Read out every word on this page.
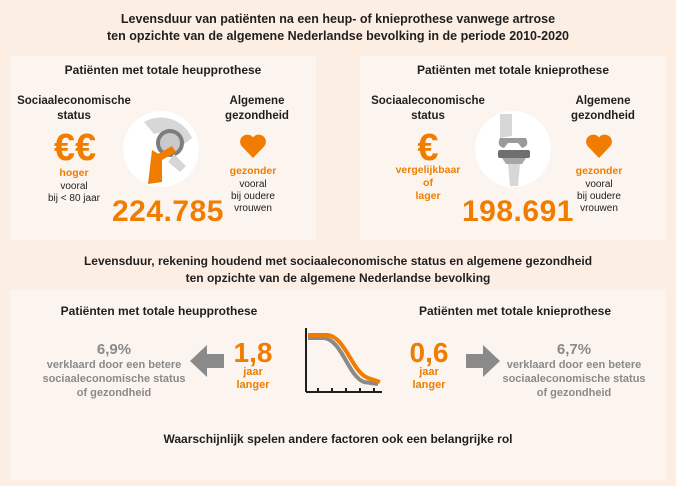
Levensduur van patiënten na een heup- of knieprothese vanwege artrose
ten opzichte van de algemene Nederlandse bevolking in de periode 2010-2020
Patiënten met totale heupprothese
Sociaaleconomische
status
Algemene
gezondheid
€€
hoger
vooral
bij < 80 jaar
gezonder
vooral
bij oudere
vrouwen
224.785
Patiënten met totale knieprothese
Sociaaleconomische
status
Algemene
gezondheid
€
vergelijkbaar
of
lager
gezonder
vooral
bij oudere
vrouwen
198.691
Levensduur, rekening houdend met sociaaleconomische status en algemene gezondheid
ten opzichte van de algemene Nederlandse bevolking
Patiënten met totale heupprothese
6,9%
verklaard door een betere
sociaaleconomische status
of gezondheid
1,8
jaar
langer
0,6
jaar
langer
Patiënten met totale knieprothese
6,7%
verklaard door een betere
sociaaleconomische status
of gezondheid
Waarschijnlijk spelen andere factoren ook een belangrijke rol
